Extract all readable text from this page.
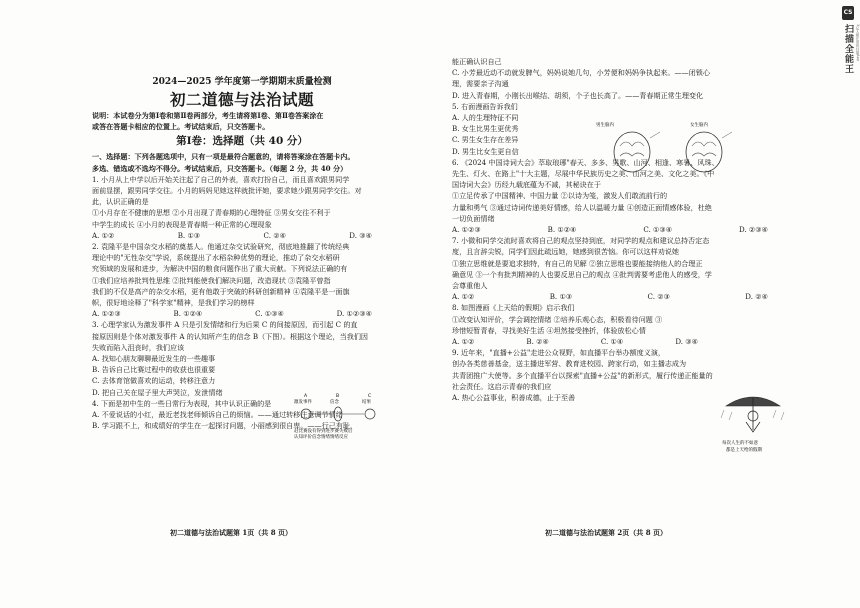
2024—2025 学年度第一学期期末质量检测
初二道德与法治试题

说明：本试卷分为第Ⅰ卷和第Ⅱ卷两部分，考生请将第Ⅰ卷、第Ⅱ卷答案涂在

或答在答题卡相应的位置上。考试结束后，只交答题卡。

第Ⅰ卷：选择题（共 40 分）

一、选择题：下列各题选项中，只有一项是最符合题意的，请将答案涂在答题卡内。

多选、错选或不选均不得分。考试结束后，只交答题卡。（每题 2 分，共 40 分）

1. 小月从上中学以后开始关注起了自己的外表，喜欢打扮自己，而且喜欢跟男同学

面前显摆，跟男同学交往。小月的妈妈见她这样就批评她，要求她少跟男同学交往。对

此，认识正确的是

①小月存在不健康的思想 ②小月出现了青春期的心理特征 ③男女交往不利于

中学生的成长 ④小月的表现是青春期一种正常的心理现象

A. ①②	B. ①③	C. ②④	D. ③④

2. 袁隆平是中国杂交水稻的奠基人。他通过杂交试验研究，彻底地推翻了传统经典

理论中的"无性杂交"学说，系统提出了水稻杂种优势的理论，推动了杂交水稻研

究领域的发展和进步，为解决中国的粮食问题作出了重大贡献。下列说法正确的有

①我们应培养批判性思维 ②批判能使我们解决问题，改造现状 ③袁隆平曾指

我们的不仅是高产的杂交水稻，更有他敢于突破的科研创新精神 ④袁隆平是一面旗

帜，很好地诠释了"科学家"精神，是我们学习的榜样

A. ①②③	B. ①②④	C. ①③④	D. ①②③④

3. 心理学家认为激发事件 A 只是引发情绪和行为后果 C 的间接原因，而引起 C 的直

接原因则是个体对激发事件 A 的认知所产生的信念 B（下图）。根据这个理论，当我们因

失败而陷入沮丧时，我们应该

A. 找知心朋友聊聊最近发生的一些趣事

B. 告诉自己比赛过程中的收获也很重要

C. 去体育馆做喜欢的运动，转移注意力

D. 把自己关在屋子里大声哭泣，发泄情绪

4. 下面是初中生的一些日常行为表现，其中认识正确的是

A. 不爱说话的小红，最近老找老师倾诉自己的烦恼。——通过转移注意调节情绪

B. 学习跟不上，和成绩好的学生在一起探讨问题，小丽感到很自卑。——行己有耻，

A	B	C
激发事件	信念	结果
赶比赛没有得到进步赛失败后
认知评价信念情绪情绪反应
初二道德与法治试题第 1页（共 8 页）

能正确认识自己

C. 小芳最近动不动就发脾气，妈妈说她几句，小芳便和妈妈争执起来。——闭锁心

理，需要亲子沟通

D. 进入青春期，小刚长出喉结、胡须，个子也长高了。——青春期正常生理变化

5. 右面漫画告诉我们

A. 人的生理特征不同

B. 女生比男生更优秀

C. 男生女生存在差异

D. 男生比女生更自信

6. 《2024 中国诗词大会》萃取琅琊"春天、多多、男歌、山河、相逢、寒暑、风珠、

先生、灯火、在路上"十大主题，尽展中华民族历史之美、山河之美、文化之美。《中

国诗词大会》历经九载底蕴为不减，其秘诀在于

①立足传承了中国精神、中国力量 ②以诗为笺，激发人们敢流前行的

力量和勇气 ③通过诗词传递美好情感，给人以温暖力量 ④创造正面情感体验，杜绝

一切负面情绪

A. ①②③	B. ①②④	C. ①③④	D. ②③④

7. 小微和同学交流时喜欢将自己的观点坚持到底，对同学的观点和建议总持否定态

度，且言辞尖锐，同学们因此疏远她，她感到很苦恼。你可以这样劝说她

①独立思维就是要追求独特，有自己的见解 ②独立思维也要能接纳他人的合理正

确意见 ③一个有批判精神的人也要反思自己的观点 ④批判需要考虑他人的感受，学

会尊重他人

A. ①②	B. ①③	C. ②③	D. ②④

8. 如图漫画《上天给的假期》启示我们

①改变认知评价，学会调控情绪 ②培养乐观心态，积极看待问题 ③

珍惜短暂青春，寻找美好生活 ④坦然接受挫折，体验放松心情

A. ①②	B. ②④	C. ①④	D. ③④

9. 近年来，"直播+公益"走进公众视野，如直播平台举办额度义演，

创办各类慈善基金，送主播进军营、教育进校园、跨家行动，如主播志成为

共青团推广大使等。多个直播平台以探索"直播+公益"的新形式，履行传递正能量的

社会责任。这启示青春的我们应

A. 热心公益事业，积善成德，止于至善

男生脑内	女生脑内
每次人生的不如意
都是上天给的假期
初二道德与法治试题第 2页（共 8 页）
CS
扫描全能王 3亿人都在用的扫描App
